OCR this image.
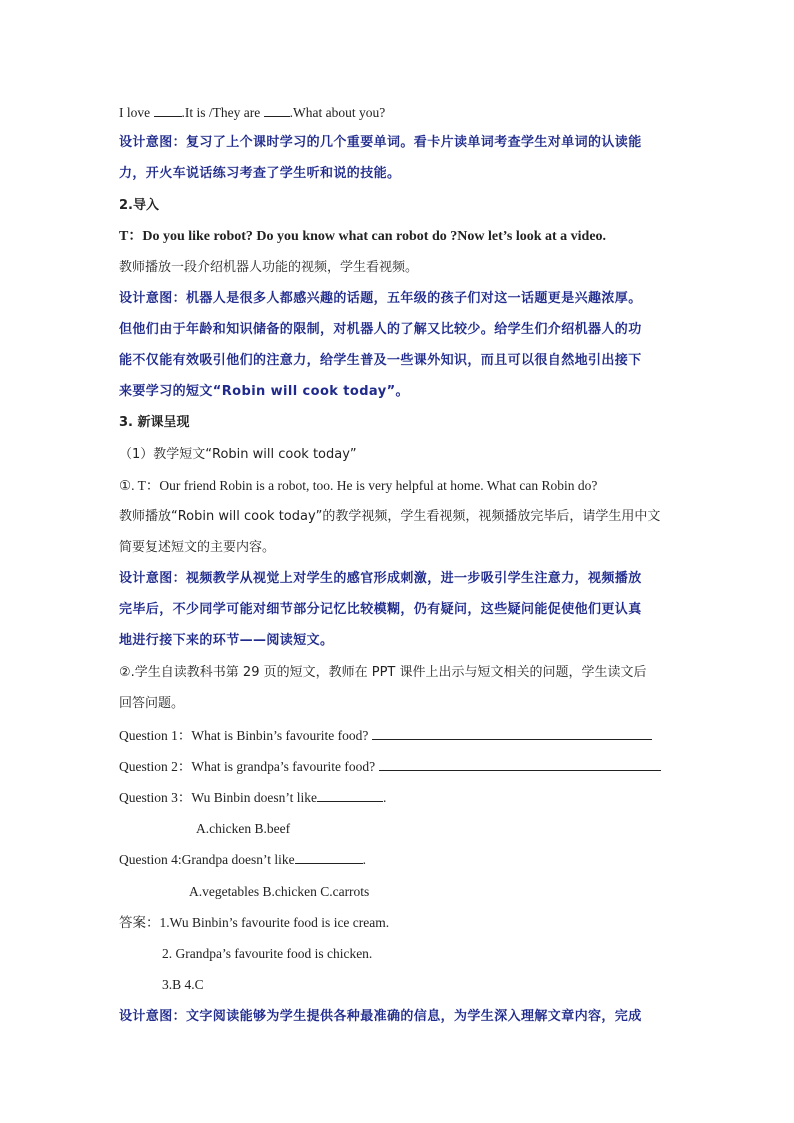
I love .It is /They are .What about you?
设计意图：复习了上个课时学习的几个重要单词。看卡片读单词考查学生对单词的认读能
力，开火车说话练习考查了学生听和说的技能。
2.导入
T：Do you like robot? Do you know what can robot do ?Now let’s look at a video.
教师播放一段介绍机器人功能的视频，学生看视频。
设计意图：机器人是很多人都感兴趣的话题，五年级的孩子们对这一话题更是兴趣浓厚。
但他们由于年龄和知识储备的限制，对机器人的了解又比较少。给学生们介绍机器人的功
能不仅能有效吸引他们的注意力，给学生普及一些课外知识，而且可以很自然地引出接下
来要学习的短文“Robin will cook today”。
3. 新课呈现
（1）教学短文“Robin will cook today”
①. T：Our friend Robin is a robot, too. He is very helpful at home. What can Robin do?
教师播放“Robin will cook today”的教学视频，学生看视频，视频播放完毕后，请学生用中文
简要复述短文的主要内容。
设计意图：视频教学从视觉上对学生的感官形成刺激，进一步吸引学生注意力，视频播放
完毕后，不少同学可能对细节部分记忆比较模糊，仍有疑问，这些疑问能促使他们更认真
地进行接下来的环节——阅读短文。
②.学生自读教科书第 29 页的短文，教师在 PPT 课件上出示与短文相关的问题，学生读文后
回答问题。
Question 1：What is Binbin’s favourite food?
Question 2：What is grandpa’s favourite food?
Question 3：Wu Binbin doesn’t like	.
A.chicken B.beef
Question 4:Grandpa doesn’t like	.
A.vegetables B.chicken C.carrots
答案：1.Wu Binbin’s favourite food is ice cream.
2. Grandpa’s favourite food is chicken.
3.B 4.C
设计意图：文字阅读能够为学生提供各种最准确的信息，为学生深入理解文章内容，完成
